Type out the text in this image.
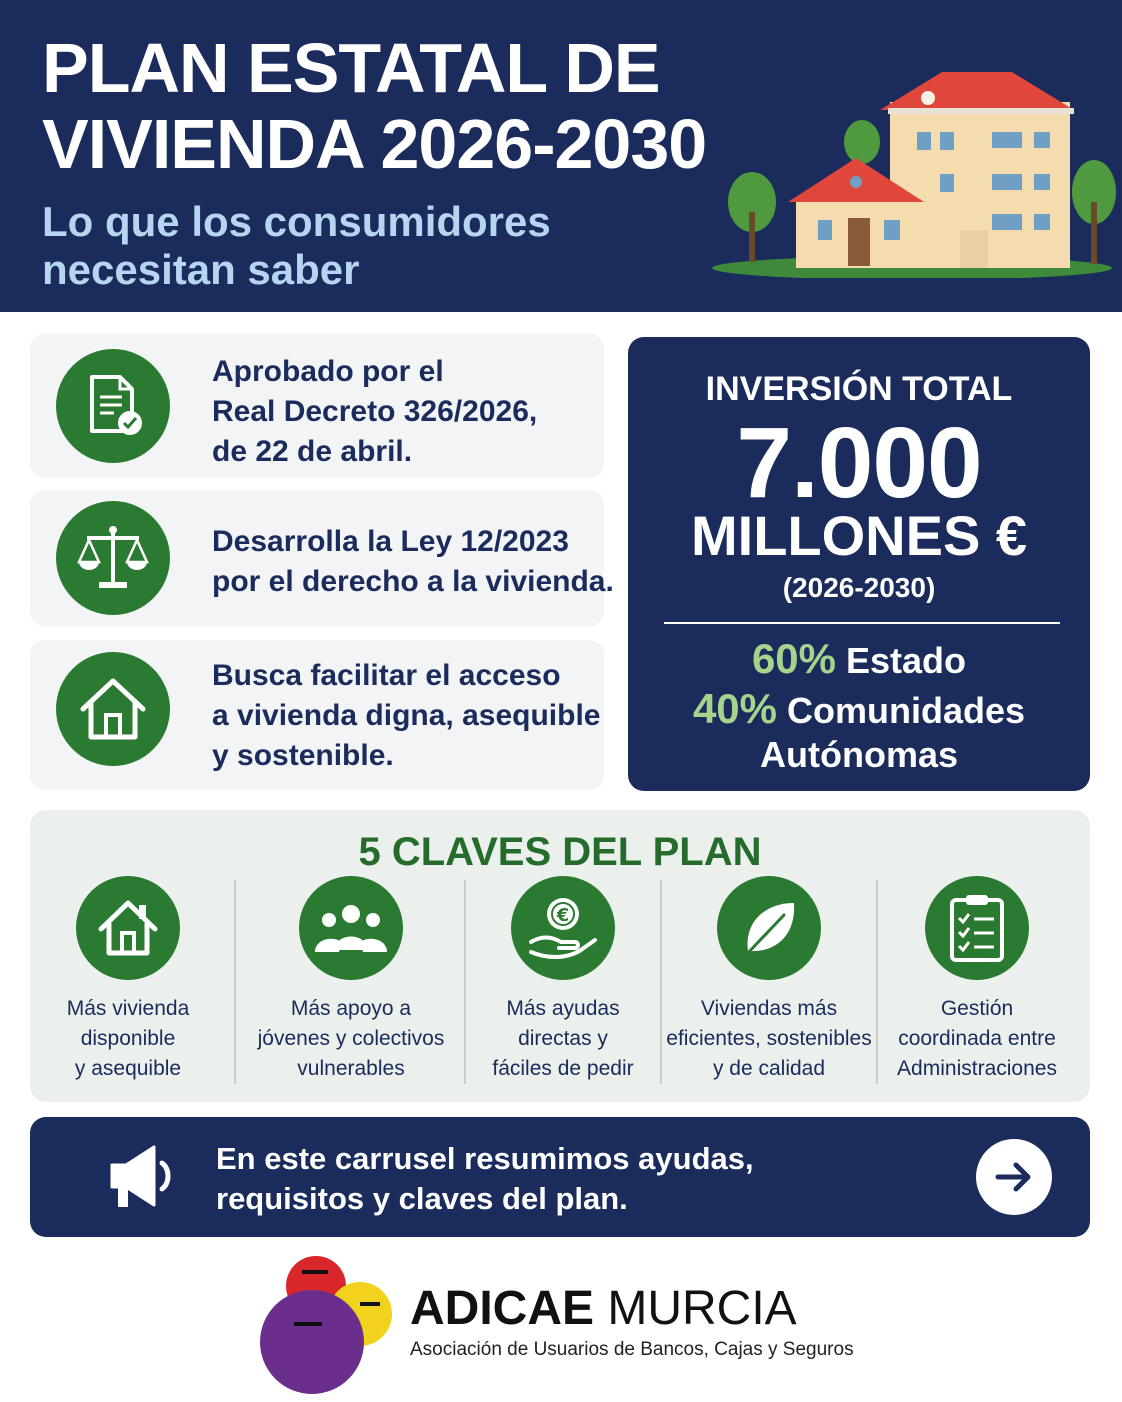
PLAN ESTATAL DE
VIVIENDA 2026-2030
Lo que los consumidores
necesitan saber
Aprobado por el
Real Decreto 326/2026,
de 22 de abril.
Desarrolla la Ley 12/2023
por el derecho a la vivienda.
Busca facilitar el acceso
a vivienda digna, asequible
y sostenible.
INVERSIÓN TOTAL
7.000
MILLONES €
(2026-2030)
60% Estado
40% Comunidades
Autónomas
5 CLAVES DEL PLAN
Más vivienda
disponible
y asequible
Más apoyo a
jóvenes y colectivos
vulnerables
€
Más ayudas
directas y
fáciles de pedir
Viviendas más
eficientes, sostenibles
y de calidad
Gestión
coordinada entre
Administraciones
En este carrusel resumimos ayudas,
requisitos y claves del plan.
ADICAE MURCIA
Asociación de Usuarios de Bancos, Cajas y Seguros
